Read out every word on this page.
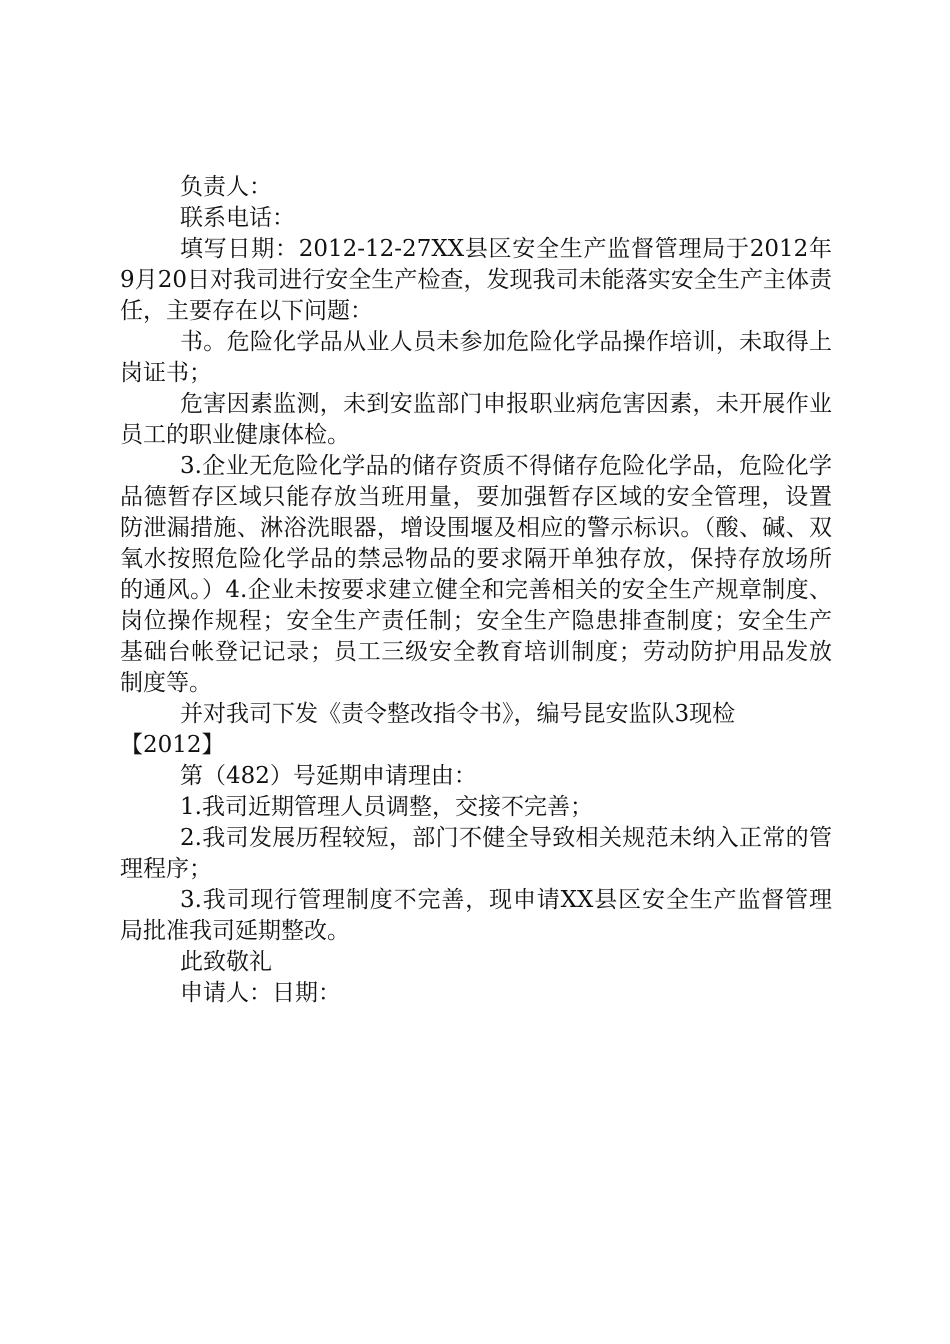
负责人：

联系电话：

填写日期：2012-12-27XX县区安全生产监督管理局于2012年9月20日对我司进行安全生产检查，发现我司未能落实安全生产主体责任，主要存在以下问题：

书。危险化学品从业人员未参加危险化学品操作培训，未取得上岗证书；

危害因素监测，未到安监部门申报职业病危害因素，未开展作业员工的职业健康体检。

3.企业无危险化学品的储存资质不得储存危险化学品，危险化学品德暂存区域只能存放当班用量，要加强暂存区域的安全管理，设置防泄漏措施、淋浴洗眼器，增设围堰及相应的警示标识。（酸、碱、双氧水按照危险化学品的禁忌物品的要求隔开单独存放，保持存放场所的通风。）4.企业未按要求建立健全和完善相关的安全生产规章制度、岗位操作规程；安全生产责任制；安全生产隐患排查制度；安全生产基础台帐登记记录；员工三级安全教育培训制度；劳动防护用品发放制度等。

并对我司下发《责令整改指令书》，编号昆安监队3现检

【2012】

第（482）号延期申请理由：

1.我司近期管理人员调整，交接不完善；

2.我司发展历程较短，部门不健全导致相关规范未纳入正常的管理程序；

3.我司现行管理制度不完善，现申请XX县区安全生产监督管理局批准我司延期整改。

此致敬礼

申请人：日期：
